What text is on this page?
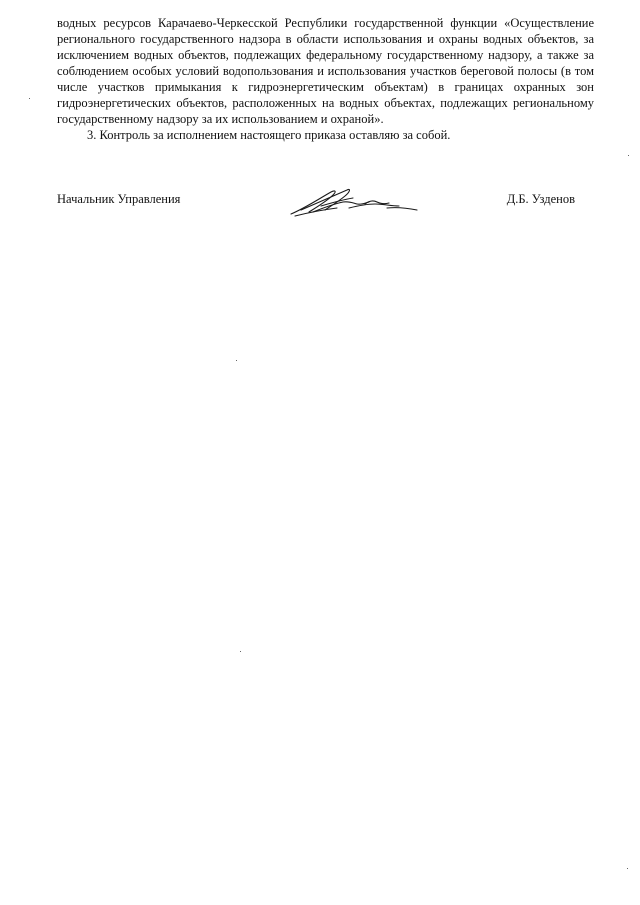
водных ресурсов Карачаево-Черкесской Республики государственной функции «Осуществление регионального государственного надзора в области использования и охраны водных объектов, за исключением водных объектов, подлежащих федеральному государственному надзору, а также за соблюдением особых условий водопользования и использования участков береговой полосы (в том числе участков примыкания к гидроэнергетическим объектам) в границах охранных зон гидроэнергетических объектов, расположенных на водных объектах, подлежащих региональному государственному надзору за их использованием и охраной».

3. Контроль за исполнением настоящего приказа оставляю за собой.

Начальник Управления	Д.Б. Узденов
